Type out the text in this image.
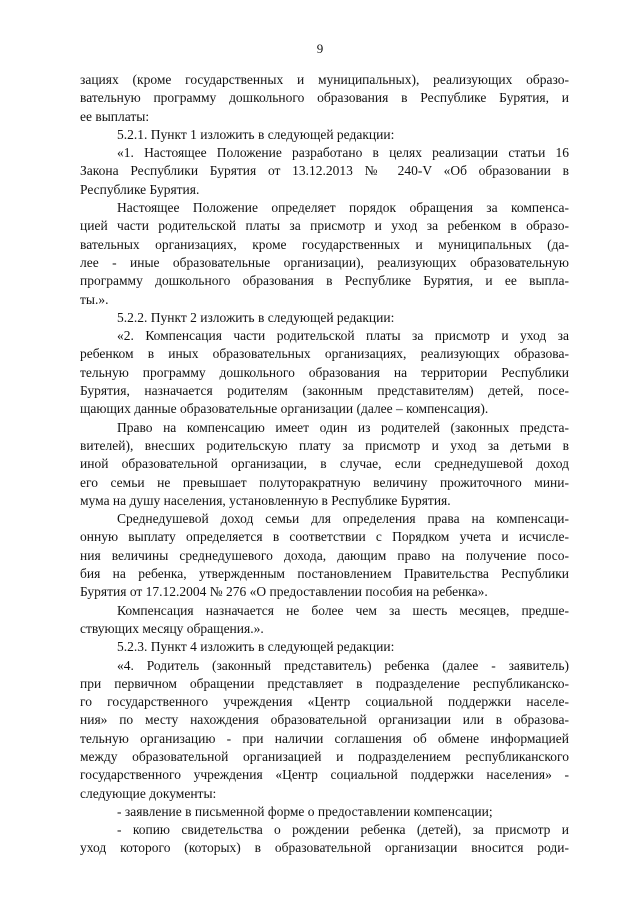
9
зациях (кроме государственных и муниципальных), реализующих образо-
вательную программу дошкольного образования в Республике Бурятия, и
ее выплаты:
5.2.1. Пункт 1 изложить в следующей редакции:
«1. Настоящее Положение разработано в целях реализации статьи 16
Закона Республики Бурятия от 13.12.2013 № 240-V «Об образовании в
Республике Бурятия.
Настоящее Положение определяет порядок обращения за компенса-
цией части родительской платы за присмотр и уход за ребенком в образо-
вательных организациях, кроме государственных и муниципальных (да-
лее - иные образовательные организации), реализующих образовательную
программу дошкольного образования в Республике Бурятия, и ее выпла-
ты.».
5.2.2. Пункт 2 изложить в следующей редакции:
«2. Компенсация части родительской платы за присмотр и уход за
ребенком в иных образовательных организациях, реализующих образова-
тельную программу дошкольного образования на территории Республики
Бурятия, назначается родителям (законным представителям) детей, посе-
щающих данные образовательные организации (далее – компенсация).
Право на компенсацию имеет один из родителей (законных предста-
вителей), внесших родительскую плату за присмотр и уход за детьми в
иной образовательной организации, в случае, если среднедушевой доход
его семьи не превышает полуторакратную величину прожиточного мини-
мума на душу населения, установленную в Республике Бурятия.
Среднедушевой доход семьи для определения права на компенсаци-
онную выплату определяется в соответствии с Порядком учета и исчисле-
ния величины среднедушевого дохода, дающим право на получение посо-
бия на ребенка, утвержденным постановлением Правительства Республики
Бурятия от 17.12.2004 № 276 «О предоставлении пособия на ребенка».
Компенсация назначается не более чем за шесть месяцев, предше-
ствующих месяцу обращения.».
5.2.3. Пункт 4 изложить в следующей редакции:
«4. Родитель (законный представитель) ребенка (далее - заявитель)
при первичном обращении представляет в подразделение республиканско-
го государственного учреждения «Центр социальной поддержки населе-
ния» по месту нахождения образовательной организации или в образова-
тельную организацию - при наличии соглашения об обмене информацией
между образовательной организацией и подразделением республиканского
государственного учреждения «Центр социальной поддержки населения» -
следующие документы:
- заявление в письменной форме о предоставлении компенсации;
- копию свидетельства о рождении ребенка (детей), за присмотр и
уход которого (которых) в образовательной организации вносится роди-
